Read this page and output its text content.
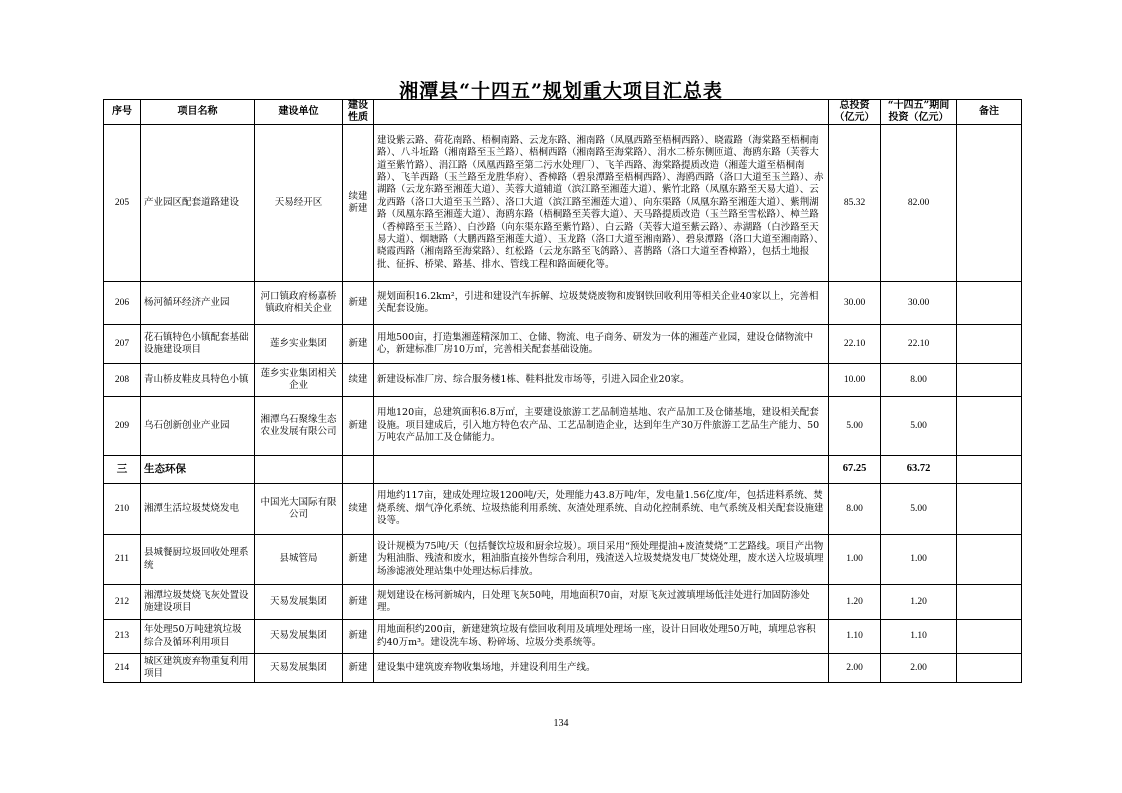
湘潭县“十四五”规划重大项目汇总表
序号	项目名称	建设单位	建设性质		总投资（亿元）	“十四五”期间投资（亿元）	备注
205	产业园区配套道路建设	天易经开区	续建新建	建设紫云路、荷花南路、梧桐南路、云龙东路、湘南路（凤凰西路至梧桐西路）、晓霞路（海棠路至梧桐南路）、八斗坵路（湘南路至玉兰路）、梧桐西路（湘南路至海棠路）、涓水二桥东侧匝道、海鸥东路（芙蓉大道至紫竹路）、涓江路（凤凰西路至第二污水处理厂）、飞羊西路、海棠路提质改造（湘莲大道至梧桐南路）、飞羊西路（玉兰路至龙胜华府）、香樟路（碧泉潭路至梧桐西路）、海鸥西路（洛口大道至玉兰路）、赤湖路（云龙东路至湘莲大道）、芙蓉大道辅道（滨江路至湘莲大道）、紫竹北路（凤凰东路至天易大道）、云龙西路（洛口大道至玉兰路）、洛口大道（滨江路至湘莲大道）、向东渠路（凤凰东路至湘莲大道）、紫荆湖路（凤凰东路至湘莲大道）、海鸥东路（梧桐路至芙蓉大道）、天马路提质改造（玉兰路至雪松路）、樟兰路（香樟路至玉兰路）、白沙路（向东渠东路至紫竹路）、白云路（芙蓉大道至紫云路）、赤湖路（白沙路至天易大道）、烟塘路（大鹏西路至湘莲大道）、玉龙路（洛口大道至湘南路）、碧泉潭路（洛口大道至湘南路）、晓霞西路（湘南路至海棠路）、红松路（云龙东路至飞鸽路）、喜鹊路（洛口大道至香樟路），包括土地报批、征拆、桥梁、路基、排水、管线工程和路面硬化等。	85.32	82.00	
206	杨河循环经济产业园	河口镇政府杨嘉桥镇政府相关企业	新建	规划面积16.2km²，引进和建设汽车拆解、垃圾焚烧废物和废钢铁回收利用等相关企业40家以上，完善相关配套设施。	30.00	30.00	
207	花石镇特色小镇配套基础设施建设项目	莲乡实业集团	新建	用地500亩，打造集湘莲精深加工、仓储、物流、电子商务、研发为一体的湘莲产业园，建设仓储物流中心，新建标准厂房10万㎡，完善相关配套基础设施。	22.10	22.10	
208	青山桥皮鞋皮具特色小镇	莲乡实业集团相关企业	续建	新建设标准厂房、综合服务楼1栋、鞋料批发市场等，引进入园企业20家。	10.00	8.00	
209	乌石创新创业产业园	湘潭乌石聚缘生态农业发展有限公司	新建	用地120亩，总建筑面积6.8万㎡，主要建设旅游工艺品制造基地、农产品加工及仓储基地，建设相关配套设施。项目建成后，引入地方特色农产品、工艺品制造企业，达到年生产30万件旅游工艺品生产能力、50万吨农产品加工及仓储能力。	5.00	5.00	
三	生态环保				67.25	63.72	
210	湘潭生活垃圾焚烧发电	中国光大国际有限公司	续建	用地约117亩，建成处理垃圾1200吨/天，处理能力43.8万吨/年，发电量1.56亿度/年，包括进料系统、焚烧系统、烟气净化系统、垃圾热能利用系统、灰渣处理系统、自动化控制系统、电气系统及相关配套设施建设等。	8.00	5.00	
211	县城餐厨垃圾回收处理系统	县城管局	新建	设计规模为75吨/天（包括餐饮垃圾和厨余垃圾）。项目采用“预处理提油+废渣焚烧”工艺路线。项目产出物为粗油脂、残渣和废水，粗油脂直接外售综合利用，残渣送入垃圾焚烧发电厂焚烧处理，废水送入垃圾填埋场渗滤液处理站集中处理达标后排放。	1.00	1.00	
212	湘潭垃圾焚烧飞灰处置设施建设项目	天易发展集团	新建	规划建设在杨河新城内，日处理飞灰50吨，用地面积70亩，对原飞灰过渡填埋场低洼处进行加固防渗处理。	1.20	1.20	
213	年处理50万吨建筑垃圾综合及循环利用项目	天易发展集团	新建	用地面积约200亩，新建建筑垃圾有偿回收利用及填埋处理场一座，设计日回收处理50万吨，填埋总容积约40万m³。建设洗车场、粉碎场、垃圾分类系统等。	1.10	1.10	
214	城区建筑废弃物重复利用项目	天易发展集团	新建	建设集中建筑废弃物收集场地，并建设利用生产线。	2.00	2.00	
134
